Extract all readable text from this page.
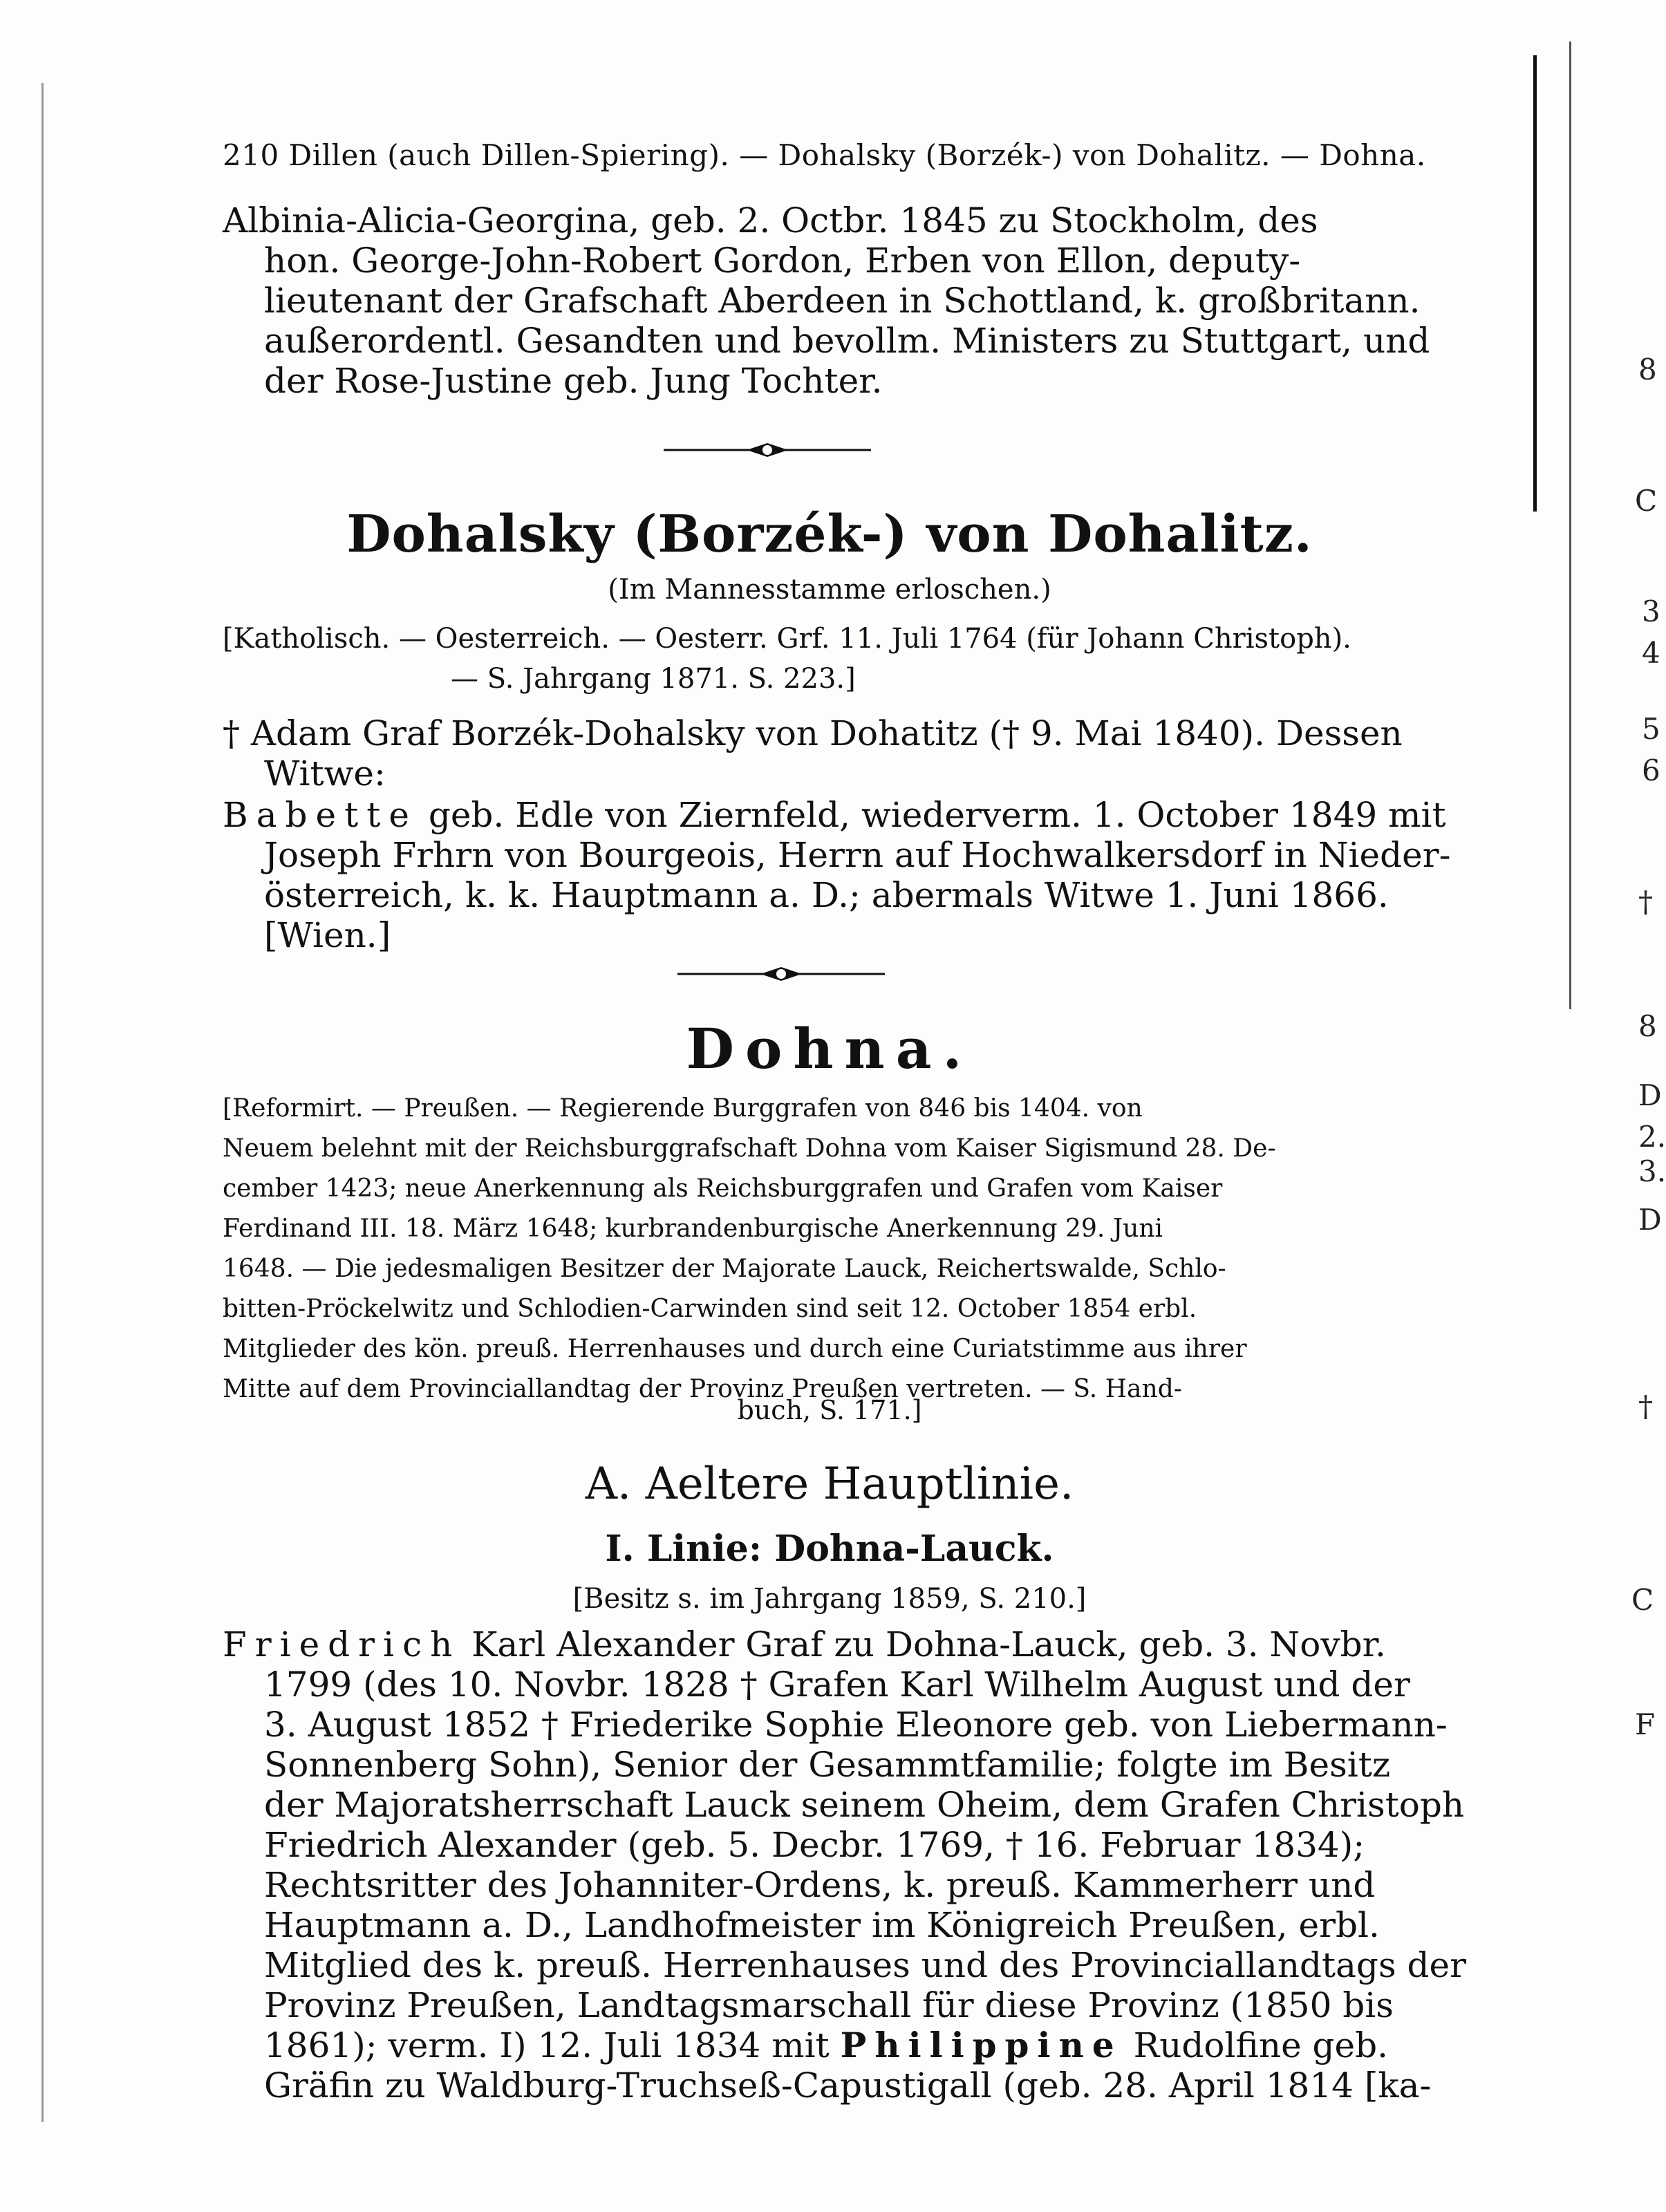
210 Dillen (auch Dillen-Spiering). — Dohalsky (Borzék-) von Dohalitz. — Dohna.
Albinia-Alicia-Georgina, geb. 2. Octbr. 1845 zu Stockholm, des
hon. George-John-Robert Gordon, Erben von Ellon, deputy-
lieutenant der Grafschaft Aberdeen in Schottland, k. großbritann.
außerordentl. Gesandten und bevollm. Ministers zu Stuttgart, und
der Rose-Justine geb. Jung Tochter.
Dohalsky (Borzék-) von Dohalitz.
(Im Mannesstamme erloschen.)
[Katholisch. — Oesterreich. — Oesterr. Grf. 11. Juli 1764 (für Johann Christoph).
— S. Jahrgang 1871. S. 223.]
† Adam Graf Borzék-Dohalsky von Dohatitz († 9. Mai 1840). Dessen
Witwe:
Babette geb. Edle von Ziernfeld, wiederverm. 1. October 1849 mit
Joseph Frhrn von Bourgeois, Herrn auf Hochwalkersdorf in Nieder-
österreich, k. k. Hauptmann a. D.; abermals Witwe 1. Juni 1866.
[Wien.]
Dohna.
[Reformirt. — Preußen. — Regierende Burggrafen von 846 bis 1404. von
Neuem belehnt mit der Reichsburggrafschaft Dohna vom Kaiser Sigismund 28. De-
cember 1423; neue Anerkennung als Reichsburggrafen und Grafen vom Kaiser
Ferdinand III. 18. März 1648; kurbrandenburgische Anerkennung 29. Juni
1648. — Die jedesmaligen Besitzer der Majorate Lauck, Reichertswalde, Schlo-
bitten-Pröckelwitz und Schlodien-Carwinden sind seit 12. October 1854 erbl.
Mitglieder des kön. preuß. Herrenhauses und durch eine Curiatstimme aus ihrer
Mitte auf dem Provinciallandtag der Provinz Preußen vertreten. — S. Hand-
buch, S. 171.]
A. Aeltere Hauptlinie.
I. Linie: Dohna-Lauck.
[Besitz s. im Jahrgang 1859, S. 210.]
Friedrich Karl Alexander Graf zu Dohna-Lauck, geb. 3. Novbr.
1799 (des 10. Novbr. 1828 † Grafen Karl Wilhelm August und der
3. August 1852 † Friederike Sophie Eleonore geb. von Liebermann-
Sonnenberg Sohn), Senior der Gesammtfamilie; folgte im Besitz
der Majoratsherrschaft Lauck seinem Oheim, dem Grafen Christoph
Friedrich Alexander (geb. 5. Decbr. 1769, † 16. Februar 1834);
Rechtsritter des Johanniter-Ordens, k. preuß. Kammerherr und
Hauptmann a. D., Landhofmeister im Königreich Preußen, erbl.
Mitglied des k. preuß. Herrenhauses und des Provinciallandtags der
Provinz Preußen, Landtagsmarschall für diese Provinz (1850 bis
1861); verm. I) 12. Juli 1834 mit Philippine Rudolfine geb.
Gräfin zu Waldburg-Truchseß-Capustigall (geb. 28. April 1814 [ka-
8
C
3
4
5
6
†
8
D
2.
3.
D
†
C
F
